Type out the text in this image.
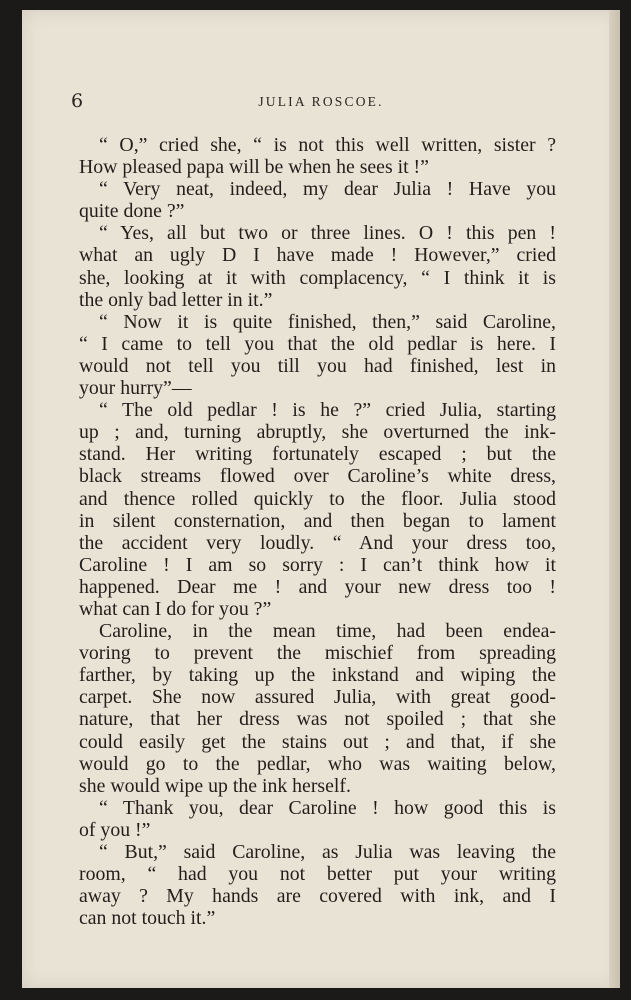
6	JULIA ROSCOE.
“ O,” cried she, “ is not this well written, sister ?
How pleased papa will be when he sees it !”
“ Very neat, indeed, my dear Julia ! Have you
quite done ?”
“ Yes, all but two or three lines. O ! this pen !
what an ugly D I have made ! However,” cried
she, looking at it with complacency, “ I think it is
the only bad letter in it.”
“ Now it is quite finished, then,” said Caroline,
“ I came to tell you that the old pedlar is here. I
would not tell you till you had finished, lest in
your hurry”—
“ The old pedlar ! is he ?” cried Julia, starting
up ; and, turning abruptly, she overturned the ink-
stand. Her writing fortunately escaped ; but the
black streams flowed over Caroline’s white dress,
and thence rolled quickly to the floor. Julia stood
in silent consternation, and then began to lament
the accident very loudly. “ And your dress too,
Caroline ! I am so sorry : I can’t think how it
happened. Dear me ! and your new dress too !
what can I do for you ?”
Caroline, in the mean time, had been endea-
voring to prevent the mischief from spreading
farther, by taking up the inkstand and wiping the
carpet. She now assured Julia, with great good-
nature, that her dress was not spoiled ; that she
could easily get the stains out ; and that, if she
would go to the pedlar, who was waiting below,
she would wipe up the ink herself.
“ Thank you, dear Caroline ! how good this is
of you !”
“ But,” said Caroline, as Julia was leaving the
room, “ had you not better put your writing
away ? My hands are covered with ink, and I
can not touch it.”
